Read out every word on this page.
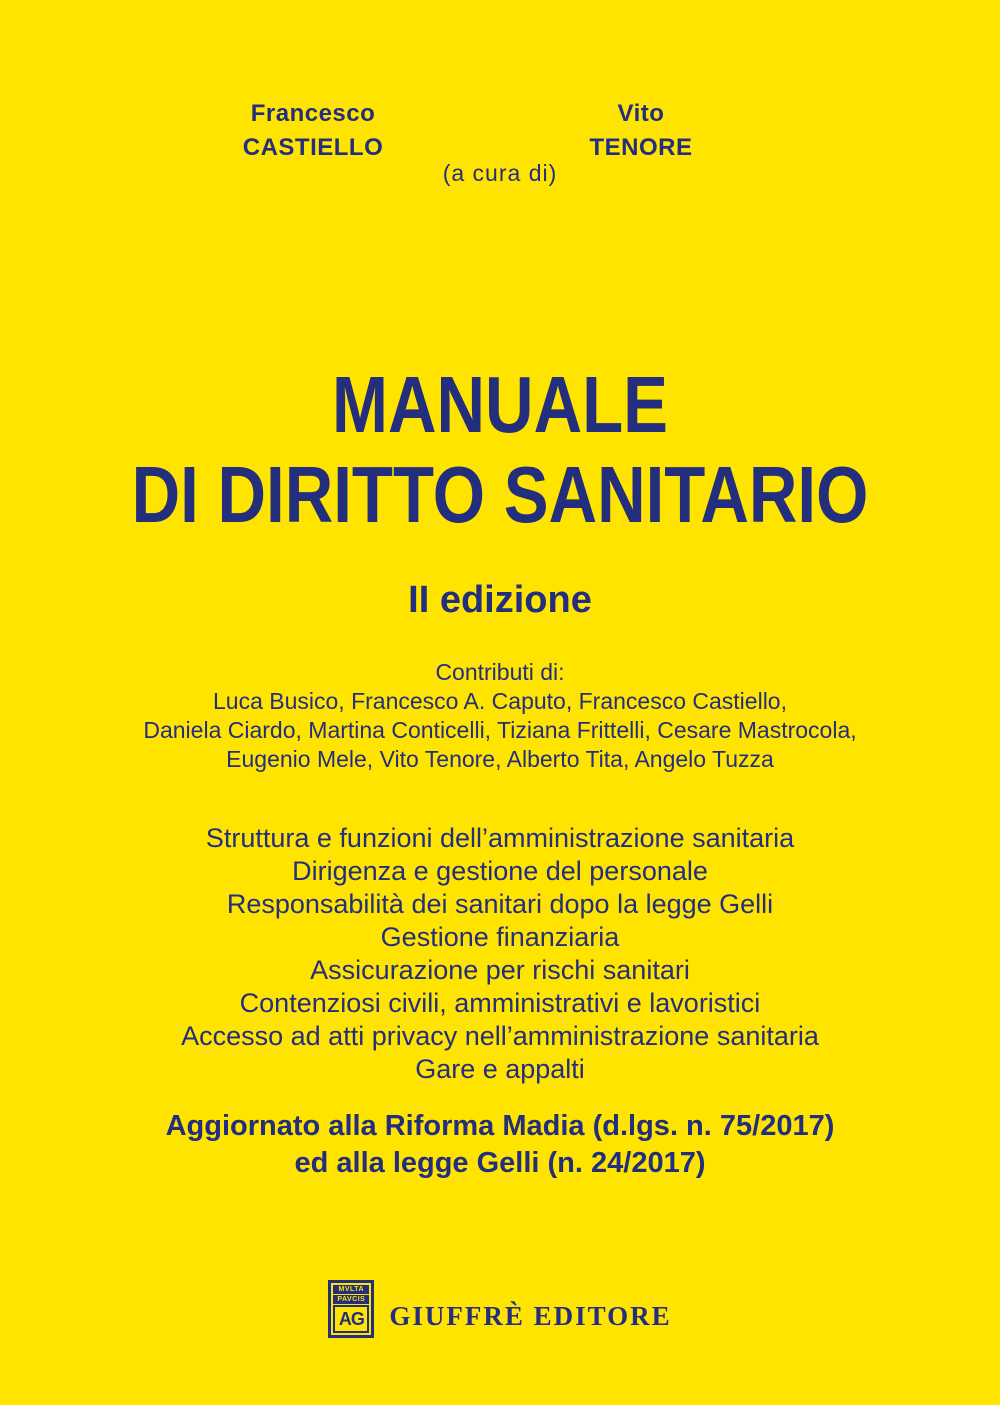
Francesco
CASTIELLO
Vito
TENORE
(a cura di)
MANUALE
DI DIRITTO SANITARIO
II edizione
Contributi di:
Luca Busico, Francesco A. Caputo, Francesco Castiello,
Daniela Ciardo, Martina Conticelli, Tiziana Frittelli, Cesare Mastrocola,
Eugenio Mele, Vito Tenore, Alberto Tita, Angelo Tuzza
Struttura e funzioni dell’amministrazione sanitaria
Dirigenza e gestione del personale
Responsabilità dei sanitari dopo la legge Gelli
Gestione finanziaria
Assicurazione per rischi sanitari
Contenziosi civili, amministrativi e lavoristici
Accesso ad atti privacy nell’amministrazione sanitaria
Gare e appalti
Aggiornato alla Riforma Madia (d.lgs. n. 75/2017)
ed alla legge Gelli (n. 24/2017)
MVLTA
PAVCIS
AG GIUFFRÈ EDITORE
